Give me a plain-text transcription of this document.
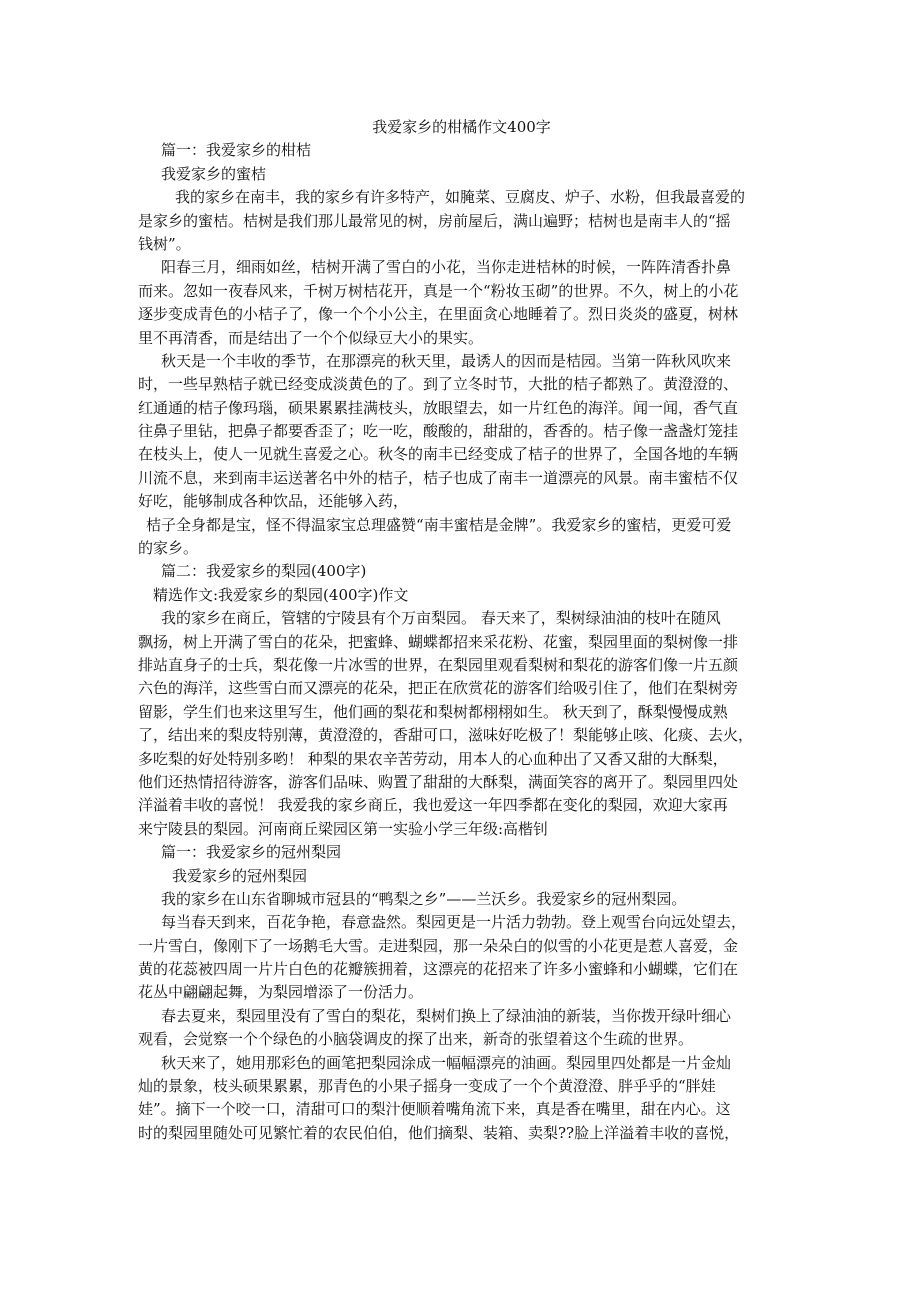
我爱家乡的柑橘作文400字
篇一：我爱家乡的柑桔
我爱家乡的蜜桔
我的家乡在南丰，我的家乡有许多特产，如腌菜、豆腐皮、炉子、水粉，但我最喜爱的
是家乡的蜜桔。桔树是我们那儿最常见的树，房前屋后，满山遍野；桔树也是南丰人的“摇
钱树”。
阳春三月，细雨如丝，桔树开满了雪白的小花，当你走进桔林的时候，一阵阵清香扑鼻
而来。忽如一夜春风来，千树万树桔花开，真是一个“粉妆玉砌”的世界。不久，树上的小花
逐步变成青色的小桔子了，像一个个小公主，在里面贪心地睡着了。烈日炎炎的盛夏，树林
里不再清香，而是结出了一个个似绿豆大小的果实。
秋天是一个丰收的季节，在那漂亮的秋天里，最诱人的因而是桔园。当第一阵秋风吹来
时，一些早熟桔子就已经变成淡黄色的了。到了立冬时节，大批的桔子都熟了。黄澄澄的、
红通通的桔子像玛瑙，硕果累累挂满枝头，放眼望去，如一片红色的海洋。闻一闻，香气直
往鼻子里钻，把鼻子都要香歪了；吃一吃，酸酸的，甜甜的，香香的。桔子像一盏盏灯笼挂
在枝头上，使人一见就生喜爱之心。秋冬的南丰已经变成了桔子的世界了，全国各地的车辆
川流不息，来到南丰运送著名中外的桔子，桔子也成了南丰一道漂亮的风景。南丰蜜桔不仅
好吃，能够制成各种饮品，还能够入药，
桔子全身都是宝，怪不得温家宝总理盛赞“南丰蜜桔是金牌”。我爱家乡的蜜桔，更爱可爱
的家乡。
篇二：我爱家乡的梨园(400字)
精选作文:我爱家乡的梨园(400字)作文
我的家乡在商丘，管辖的宁陵县有个万亩梨园。 春天来了，梨树绿油油的枝叶在随风
飘扬，树上开满了雪白的花朵，把蜜蜂、蝴蝶都招来采花粉、花蜜，梨园里面的梨树像一排
排站直身子的士兵，梨花像一片冰雪的世界，在梨园里观看梨树和梨花的游客们像一片五颜
六色的海洋，这些雪白而又漂亮的花朵，把正在欣赏花的游客们给吸引住了，他们在梨树旁
留影，学生们也来这里写生，他们画的梨花和梨树都栩栩如生。 秋天到了，酥梨慢慢成熟
了，结出来的梨皮特别薄，黄澄澄的，香甜可口，滋味好吃极了！梨能够止咳、化痰、去火，
多吃梨的好处特别多哟！ 种梨的果农辛苦劳动，用本人的心血种出了又香又甜的大酥梨，
他们还热情招待游客，游客们品味、购置了甜甜的大酥梨，满面笑容的离开了。梨园里四处
洋溢着丰收的喜悦！ 我爱我的家乡商丘，我也爱这一年四季都在变化的梨园，欢迎大家再
来宁陵县的梨园。河南商丘梁园区第一实验小学三年级:高楷钊
篇一：我爱家乡的冠州梨园
我爱家乡的冠州梨园
我的家乡在山东省聊城市冠县的“鸭梨之乡”——兰沃乡。我爱家乡的冠州梨园。
每当春天到来，百花争艳，春意盎然。梨园更是一片活力勃勃。登上观雪台向远处望去，
一片雪白，像刚下了一场鹅毛大雪。走进梨园，那一朵朵白的似雪的小花更是惹人喜爱，金
黄的花蕊被四周一片片白色的花瓣簇拥着，这漂亮的花招来了许多小蜜蜂和小蝴蝶，它们在
花丛中翩翩起舞，为梨园增添了一份活力。
春去夏来，梨园里没有了雪白的梨花，梨树们换上了绿油油的新装，当你拨开绿叶细心
观看，会觉察一个个绿色的小脑袋调皮的探了出来，新奇的张望着这个生疏的世界。
秋天来了，她用那彩色的画笔把梨园涂成一幅幅漂亮的油画。梨园里四处都是一片金灿
灿的景象，枝头硕果累累，那青色的小果子摇身一变成了一个个黄澄澄、胖乎乎的“胖娃
娃”。摘下一个咬一口，清甜可口的梨汁便顺着嘴角流下来，真是香在嘴里，甜在内心。这
时的梨园里随处可见繁忙着的农民伯伯，他们摘梨、装箱、卖梨??脸上洋溢着丰收的喜悦，
